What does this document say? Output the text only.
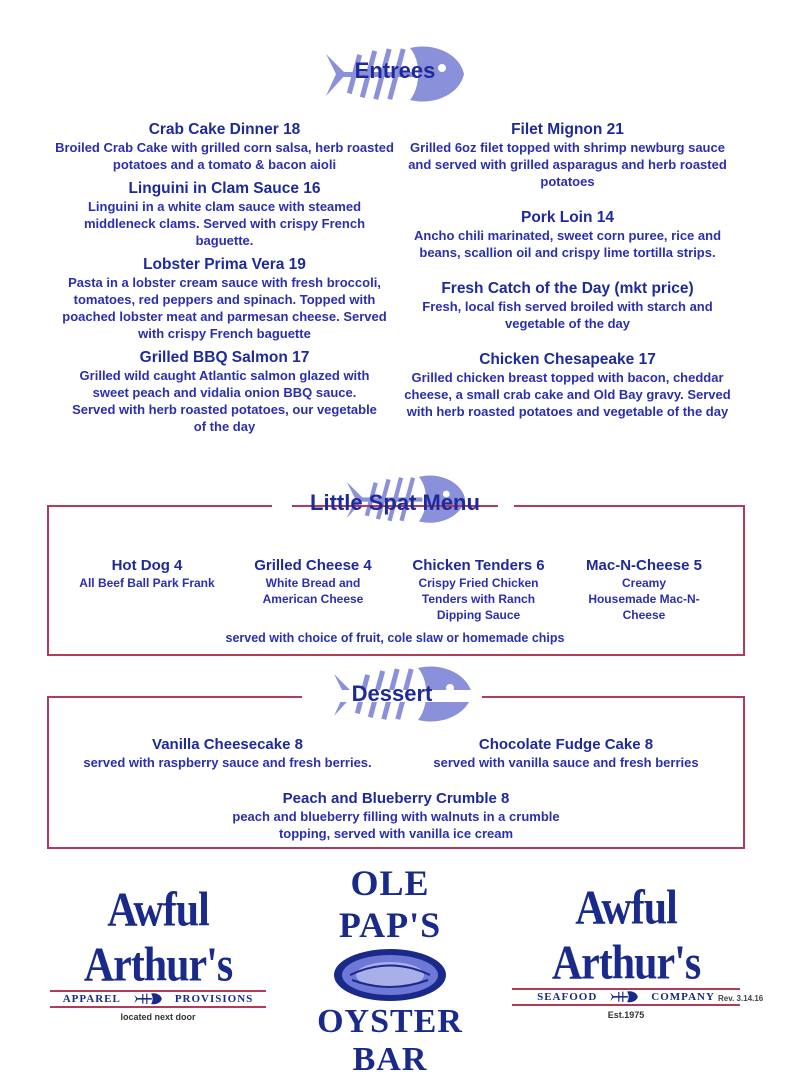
Entrees
Crab Cake Dinner 18
Broiled Crab Cake with grilled corn salsa, herb roasted potatoes and a tomato & bacon aioli
Linguini in Clam Sauce 16
Linguini in a white clam sauce with steamed middleneck clams. Served with crispy French baguette.
Lobster Prima Vera 19
Pasta in a lobster cream sauce with fresh broccoli, tomatoes, red peppers and spinach. Topped with poached lobster meat and parmesan cheese. Served with crispy French baguette
Grilled BBQ Salmon 17
Grilled wild caught Atlantic salmon glazed with sweet peach and vidalia onion BBQ sauce. Served with herb roasted potatoes, our vegetable of the day
Filet Mignon 21
Grilled 6oz filet topped with shrimp newburg sauce and served with grilled asparagus and herb roasted potatoes
Pork Loin 14
Ancho chili marinated, sweet corn puree, rice and beans, scallion oil and crispy lime tortilla strips.
Fresh Catch of the Day (mkt price)
Fresh, local fish served broiled with starch and vegetable of the day
Chicken Chesapeake 17
Grilled chicken breast topped with bacon, cheddar cheese, a small crab cake and Old Bay gravy. Served with herb roasted potatoes and vegetable of the day
Little Spat Menu
Hot Dog 4
All Beef Ball Park Frank
Grilled Cheese 4
White Bread and American Cheese
Chicken Tenders 6
Crispy Fried Chicken Tenders with Ranch Dipping Sauce
Mac-N-Cheese 5
Creamy Housemade Mac-N-Cheese
served with choice of fruit, cole slaw or homemade chips
Dessert
Vanilla Cheesecake 8
served with raspberry sauce and fresh berries.
Chocolate Fudge Cake 8
served with vanilla sauce and fresh berries
Peach and Blueberry Crumble 8
peach and blueberry filling with walnuts in a crumble topping, served with vanilla ice cream
Awful Arthur's
APPAREL	PROVISIONS
located next door
OLE PAP'S
OYSTER BAR
Awful Arthur's
SEAFOOD	COMPANY
Est.1975
Rev. 3.14.16
